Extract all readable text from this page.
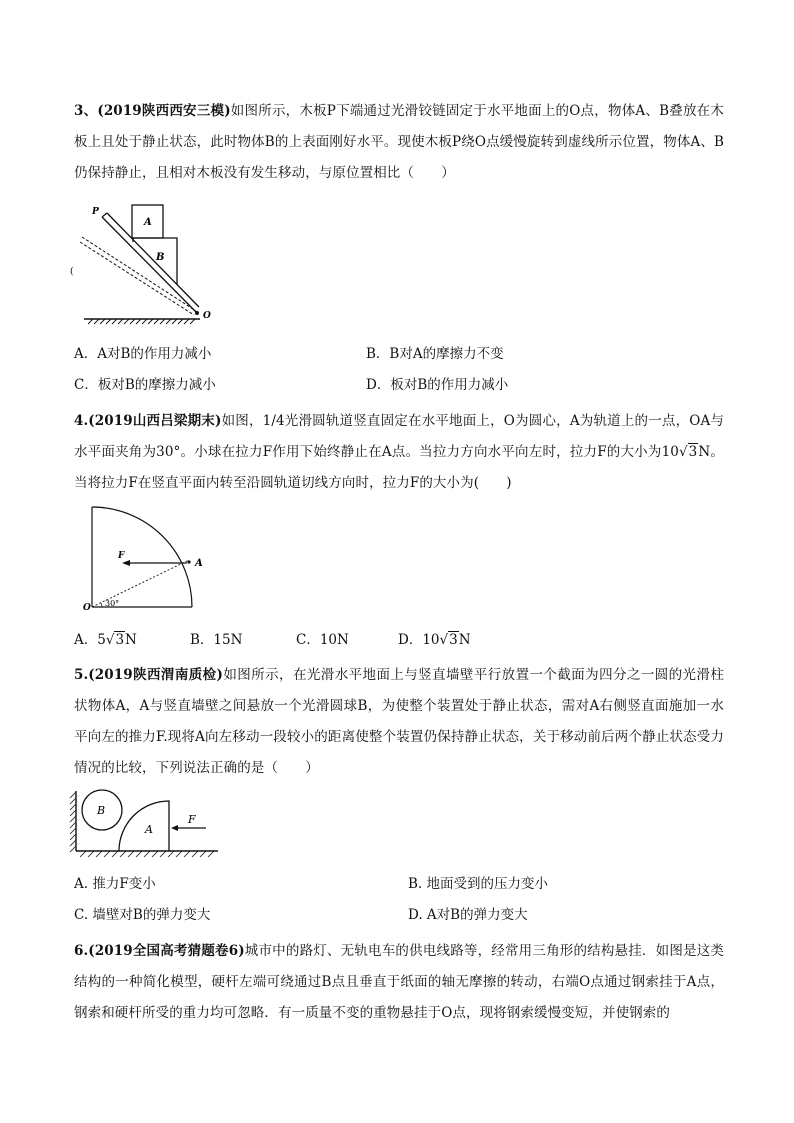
3、(2019陕西西安三模)如图所示，木板P下端通过光滑铰链固定于水平地面上的O点，物体A、B叠放在木板上且处于静止状态，此时物体B的上表面刚好水平。现使木板P绕O点缓慢旋转到虚线所示位置，物体A、B仍保持静止，且相对木板没有发生移动，与原位置相比（　　）
P
A
B
O
(
A．A对B的作用力减小	B．B对A的摩擦力不变
C．板对B的摩擦力减小	D．板对B的作用力减小
4.(2019山西吕梁期末)如图，1/4光滑圆轨道竖直固定在水平地面上，O为圆心，A为轨道上的一点，OA与水平面夹角为30°。小球在拉力F作用下始终静止在A点。当拉力方向水平向左时，拉力F的大小为10√3N。当将拉力F在竖直平面内转至沿圆轨道切线方向时，拉力F的大小为(　　)
F
A
O 30°
A．5√3N	B．15N	C．10N	D．10√3N
5.(2019陕西渭南质检)如图所示，在光滑水平地面上与竖直墙壁平行放置一个截面为四分之一圆的光滑柱状物体A，A与竖直墙壁之间悬放一个光滑圆球B，为使整个装置处于静止状态，需对A右侧竖直面施加一水平向左的推力F.现将A向左移动一段较小的距离使整个装置仍保持静止状态，关于移动前后两个静止状态受力情况的比较，下列说法正确的是（　　）
B
A
F
A. 推力F变小	B. 地面受到的压力变小
C. 墙壁对B的弹力变大	D. A对B的弹力变大
6.(2019全国高考猜题卷6)城市中的路灯、无轨电车的供电线路等，经常用三角形的结构悬挂．如图是这类结构的一种简化模型，硬杆左端可绕通过B点且垂直于纸面的轴无摩擦的转动，右端O点通过钢索挂于A点，钢索和硬杆所受的重力均可忽略．有一质量不变的重物悬挂于O点，现将钢索缓慢变短，并使钢索的
